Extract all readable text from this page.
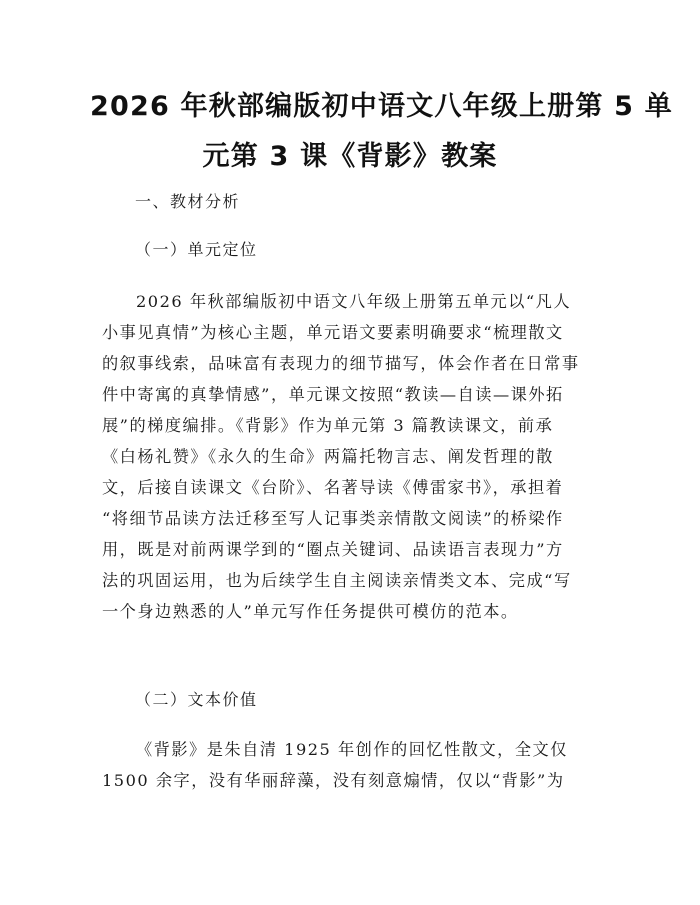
2026 年秋部编版初中语文八年级上册第 5 单
元第 3 课《背影》教案
一、教材分析
（一）单元定位
2026 年秋部编版初中语文八年级上册第五单元以“凡人
小事见真情”为核心主题，单元语文要素明确要求“梳理散文
的叙事线索，品味富有表现力的细节描写，体会作者在日常事
件中寄寓的真挚情感”，单元课文按照“教读—自读—课外拓
展”的梯度编排。《背影》作为单元第 3 篇教读课文，前承
《白杨礼赞》《永久的生命》两篇托物言志、阐发哲理的散
文，后接自读课文《台阶》、名著导读《傅雷家书》，承担着
“将细节品读方法迁移至写人记事类亲情散文阅读”的桥梁作
用，既是对前两课学到的“圈点关键词、品读语言表现力”方
法的巩固运用，也为后续学生自主阅读亲情类文本、完成“写
一个身边熟悉的人”单元写作任务提供可模仿的范本。
（二）文本价值
《背影》是朱自清 1925 年创作的回忆性散文，全文仅
1500 余字，没有华丽辞藻，没有刻意煽情，仅以“背影”为
